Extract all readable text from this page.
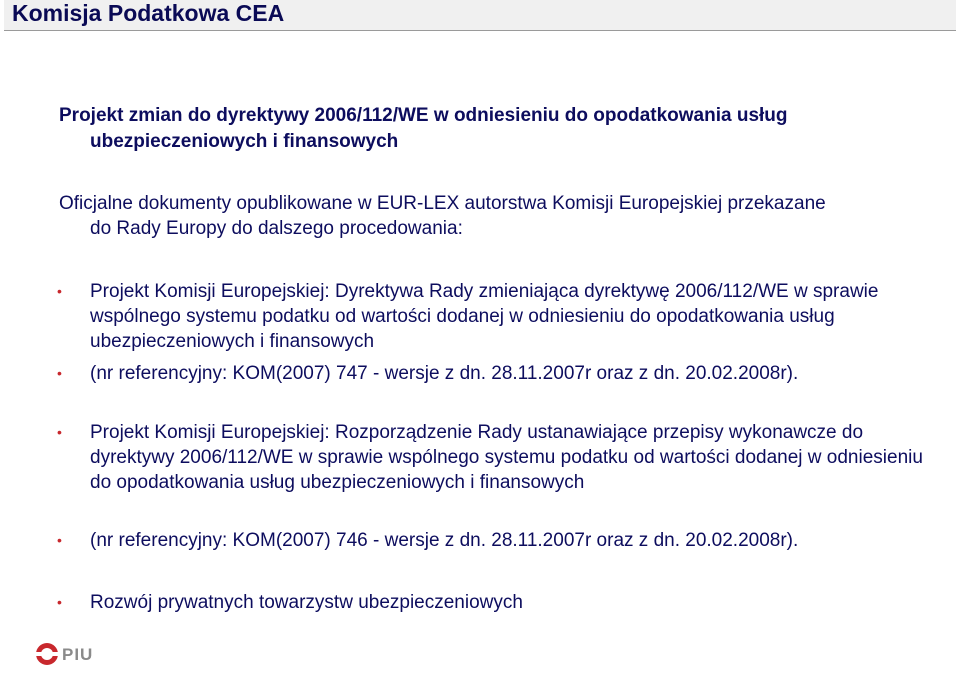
Komisja Podatkowa CEA
Projekt zmian do dyrektywy 2006/112/WE w odniesieniu do opodatkowania usług
ubezpieczeniowych i finansowych
Oficjalne dokumenty opublikowane w EUR-LEX autorstwa Komisji Europejskiej przekazane
do Rady Europy do dalszego procedowania:
• Projekt Komisji Europejskiej: Dyrektywa Rady zmieniająca dyrektywę 2006/112/WE w sprawie wspólnego systemu podatku od wartości dodanej w odniesieniu do opodatkowania usług ubezpieczeniowych i finansowych
• (nr referencyjny: KOM(2007) 747 - wersje z dn. 28.11.2007r oraz z dn. 20.02.2008r).
• Projekt Komisji Europejskiej: Rozporządzenie Rady ustanawiające przepisy wykonawcze do dyrektywy 2006/112/WE w sprawie wspólnego systemu podatku od wartości dodanej w odniesieniu do opodatkowania usług ubezpieczeniowych i finansowych
• (nr referencyjny: KOM(2007) 746 - wersje z dn. 28.11.2007r oraz z dn. 20.02.2008r).
• Rozwój prywatnych towarzystw ubezpieczeniowych
PIU
